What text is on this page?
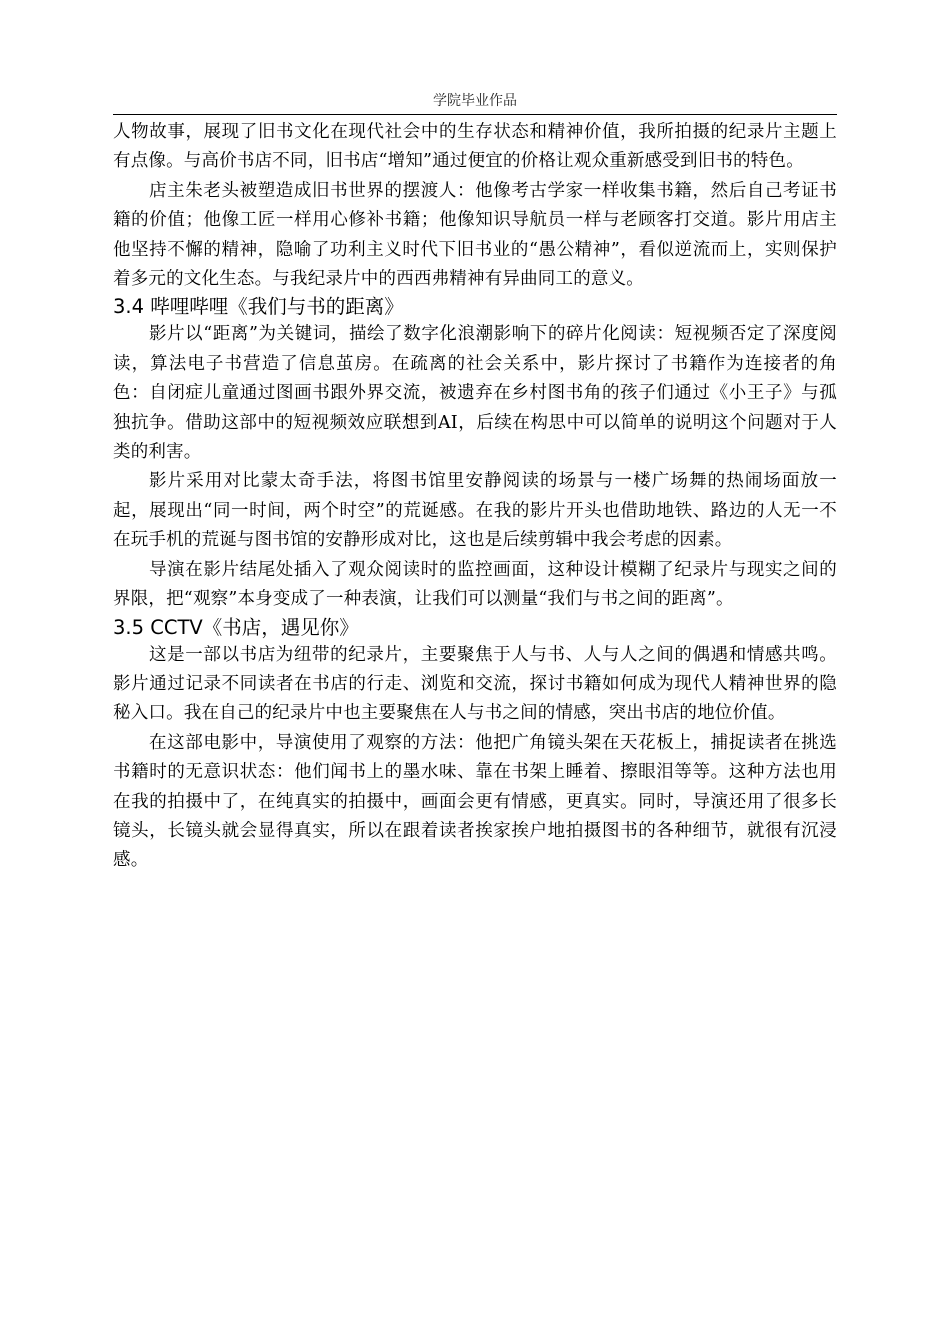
学院毕业作品

人物故事，展现了旧书文化在现代社会中的生存状态和精神价值，我所拍摄的纪录片主题上有点像。与高价书店不同，旧书店“增知”通过便宜的价格让观众重新感受到旧书的特色。

店主朱老头被塑造成旧书世界的摆渡人：他像考古学家一样收集书籍，然后自己考证书籍的价值；他像工匠一样用心修补书籍；他像知识导航员一样与老顾客打交道。影片用店主他坚持不懈的精神，隐喻了功利主义时代下旧书业的“愚公精神”，看似逆流而上，实则保护着多元的文化生态。与我纪录片中的西西弗精神有异曲同工的意义。

3.4 哔哩哔哩《我们与书的距离》

影片以“距离”为关键词，描绘了数字化浪潮影响下的碎片化阅读：短视频否定了深度阅读，算法电子书营造了信息茧房。在疏离的社会关系中，影片探讨了书籍作为连接者的角色：自闭症儿童通过图画书跟外界交流，被遗弃在乡村图书角的孩子们通过《小王子》与孤独抗争。借助这部中的短视频效应联想到AI，后续在构思中可以简单的说明这个问题对于人类的利害。

影片采用对比蒙太奇手法，将图书馆里安静阅读的场景与一楼广场舞的热闹场面放一起，展现出“同一时间，两个时空”的荒诞感。在我的影片开头也借助地铁、路边的人无一不在玩手机的荒诞与图书馆的安静形成对比，这也是后续剪辑中我会考虑的因素。

导演在影片结尾处插入了观众阅读时的监控画面，这种设计模糊了纪录片与现实之间的界限，把“观察”本身变成了一种表演，让我们可以测量“我们与书之间的距离”。

3.5 CCTV《书店，遇见你》

这是一部以书店为纽带的纪录片，主要聚焦于人与书、人与人之间的偶遇和情感共鸣。影片通过记录不同读者在书店的行走、浏览和交流，探讨书籍如何成为现代人精神世界的隐秘入口。我在自己的纪录片中也主要聚焦在人与书之间的情感，突出书店的地位价值。

在这部电影中，导演使用了观察的方法：他把广角镜头架在天花板上，捕捉读者在挑选书籍时的无意识状态：他们闻书上的墨水味、靠在书架上睡着、擦眼泪等等。这种方法也用在我的拍摄中了，在纯真实的拍摄中，画面会更有情感，更真实。同时，导演还用了很多长镜头，长镜头就会显得真实，所以在跟着读者挨家挨户地拍摄图书的各种细节，就很有沉浸感。
